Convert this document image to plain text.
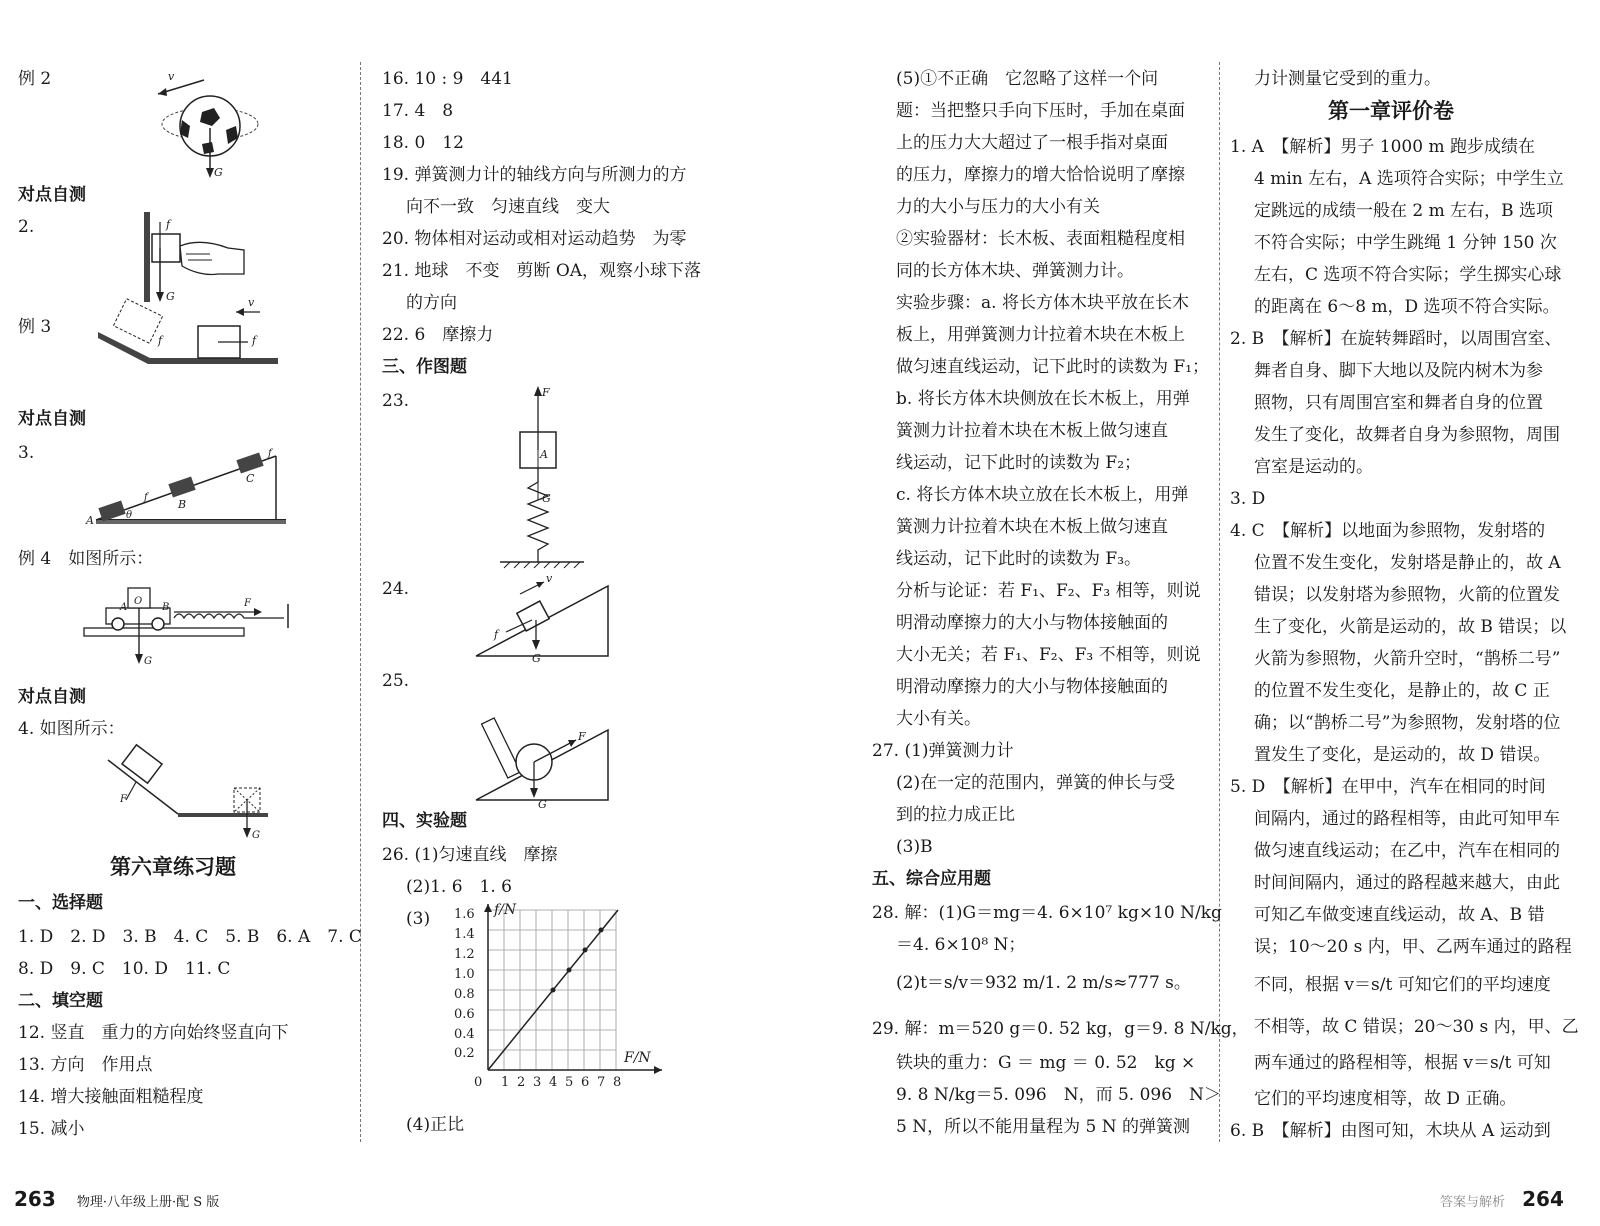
例 2	v
G
对点自测
2.
G
f
例 3
f	f
v
对点自测
3.
A
B
C
θ
f
f
例 4　如图所示：
A
O
B	F
G
对点自测
4. 如图所示：
F
G
第六章练习题
一、选择题
1. D　2. D　3. B　4. C　5. B　6. A　7. C
8. D　9. C　10. D　11. C
二、填空题
12. 竖直　重力的方向始终竖直向下
13. 方向　作用点
14. 增大接触面粗糙程度
15. 减小
16. 10 : 9　441
17. 4　8
18. 0　12
19. 弹簧测力计的轴线方向与所测力的方
向不一致　匀速直线　变大
20. 物体相对运动或相对运动趋势　为零
21. 地球　不变　剪断 OA，观察小球下落
的方向
22. 6　摩擦力
三、作图题
23.	F
A
G
24.
v
f
G
25.
F
G
四、实验题
26. (1)匀速直线　摩擦
(2)1. 6　1. 6
(3)	f/N
F/N
0
0.2
0.4
0.6
0.8
1.0
1.2
1.4
1.6
1 2 3 4 5 6 7 8
(4)正比
(5)①不正确　它忽略了这样一个问
题：当把整只手向下压时，手加在桌面
上的压力大大超过了一根手指对桌面
的压力，摩擦力的增大恰恰说明了摩擦
力的大小与压力的大小有关
②实验器材：长木板、表面粗糙程度相
同的长方体木块、弹簧测力计。
实验步骤：a. 将长方体木块平放在长木
板上，用弹簧测力计拉着木块在木板上
做匀速直线运动，记下此时的读数为 F₁；
b. 将长方体木块侧放在长木板上，用弹
簧测力计拉着木块在木板上做匀速直
线运动，记下此时的读数为 F₂；
c. 将长方体木块立放在长木板上，用弹
簧测力计拉着木块在木板上做匀速直
线运动，记下此时的读数为 F₃。
分析与论证：若 F₁、F₂、F₃ 相等，则说
明滑动摩擦力的大小与物体接触面的
大小无关；若 F₁、F₂、F₃ 不相等，则说
明滑动摩擦力的大小与物体接触面的
大小有关。
27. (1)弹簧测力计
(2)在一定的范围内，弹簧的伸长与受
到的拉力成正比
(3)B
五、综合应用题
28. 解：(1)G＝mg＝4. 6×10⁷ kg×10 N/kg
＝4. 6×10⁸ N；
(2)t＝s/v＝932 m/1. 2 m/s≈777 s。
29. 解：m＝520 g＝0. 52 kg，g＝9. 8 N/kg，
铁块的重力：G ＝ mg ＝ 0. 52　kg ×
9. 8 N/kg＝5. 096　N，而 5. 096　N＞
5 N，所以不能用量程为 5 N 的弹簧测
力计测量它受到的重力。
第一章评价卷
1. A　【解析】男子 1000 m 跑步成绩在
4 min 左右，A 选项符合实际；中学生立
定跳远的成绩一般在 2 m 左右，B 选项
不符合实际；中学生跳绳 1 分钟 150 次
左右，C 选项不符合实际；学生掷实心球
的距离在 6～8 m，D 选项不符合实际。
2. B　【解析】在旋转舞蹈时，以周围宫室、
舞者自身、脚下大地以及院内树木为参
照物，只有周围宫室和舞者自身的位置
发生了变化，故舞者自身为参照物，周围
宫室是运动的。
3. D
4. C　【解析】以地面为参照物，发射塔的
位置不发生变化，发射塔是静止的，故 A
错误；以发射塔为参照物，火箭的位置发
生了变化，火箭是运动的，故 B 错误；以
火箭为参照物，火箭升空时，“鹊桥二号”
的位置不发生变化，是静止的，故 C 正
确；以“鹊桥二号”为参照物，发射塔的位
置发生了变化，是运动的，故 D 错误。
5. D　【解析】在甲中，汽车在相同的时间
间隔内，通过的路程相等，由此可知甲车
做匀速直线运动；在乙中，汽车在相同的
时间间隔内，通过的路程越来越大，由此
可知乙车做变速直线运动，故 A、B 错
误；10～20 s 内，甲、乙两车通过的路程
不同，根据 v＝s/t 可知它们的平均速度
不相等，故 C 错误；20～30 s 内，甲、乙
两车通过的路程相等，根据 v＝s/t 可知
它们的平均速度相等，故 D 正确。
6. B　【解析】由图可知，木块从 A 运动到
263 物理·八年级上册·配 S 版	答案与解析 264
